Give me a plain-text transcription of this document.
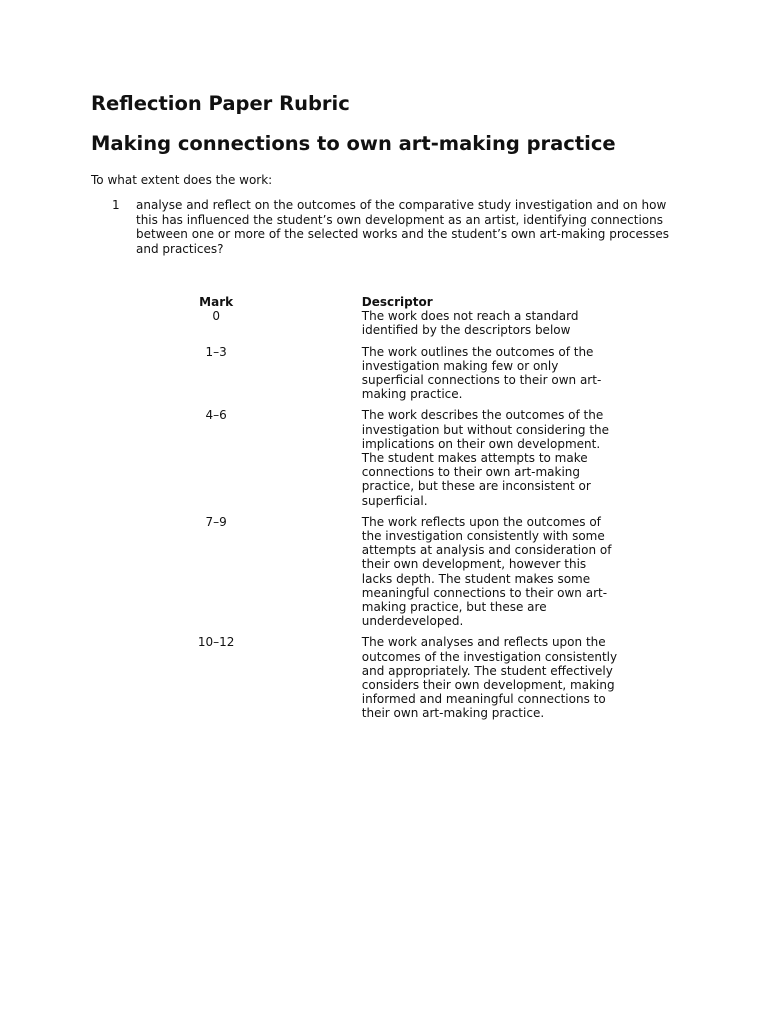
Reflection Paper Rubric
Making connections to own art-making practice

To what extent does the work:

1 analyse and reflect on the outcomes of the comparative study investigation and on how this has influenced the student’s own development as an artist, identifying connections between one or more of the selected works and the student’s own art-making processes and practices?
Mark		Descriptor
0		The work does not reach a standard identified by the descriptors below
1–3		The work outlines the outcomes of the investigation making few or only superficial connections to their own art-making practice.
4–6		The work describes the outcomes of the investigation but without considering the implications on their own development. The student makes attempts to make connections to their own art-making practice, but these are inconsistent or superficial.
7–9		The work reflects upon the outcomes of the investigation consistently with some attempts at analysis and consideration of their own development, however this lacks depth. The student makes some meaningful connections to their own art-making practice, but these are underdeveloped.
10–12		The work analyses and reflects upon the outcomes of the investigation consistently and appropriately. The student effectively considers their own development, making informed and meaningful connections to their own art-making practice.
